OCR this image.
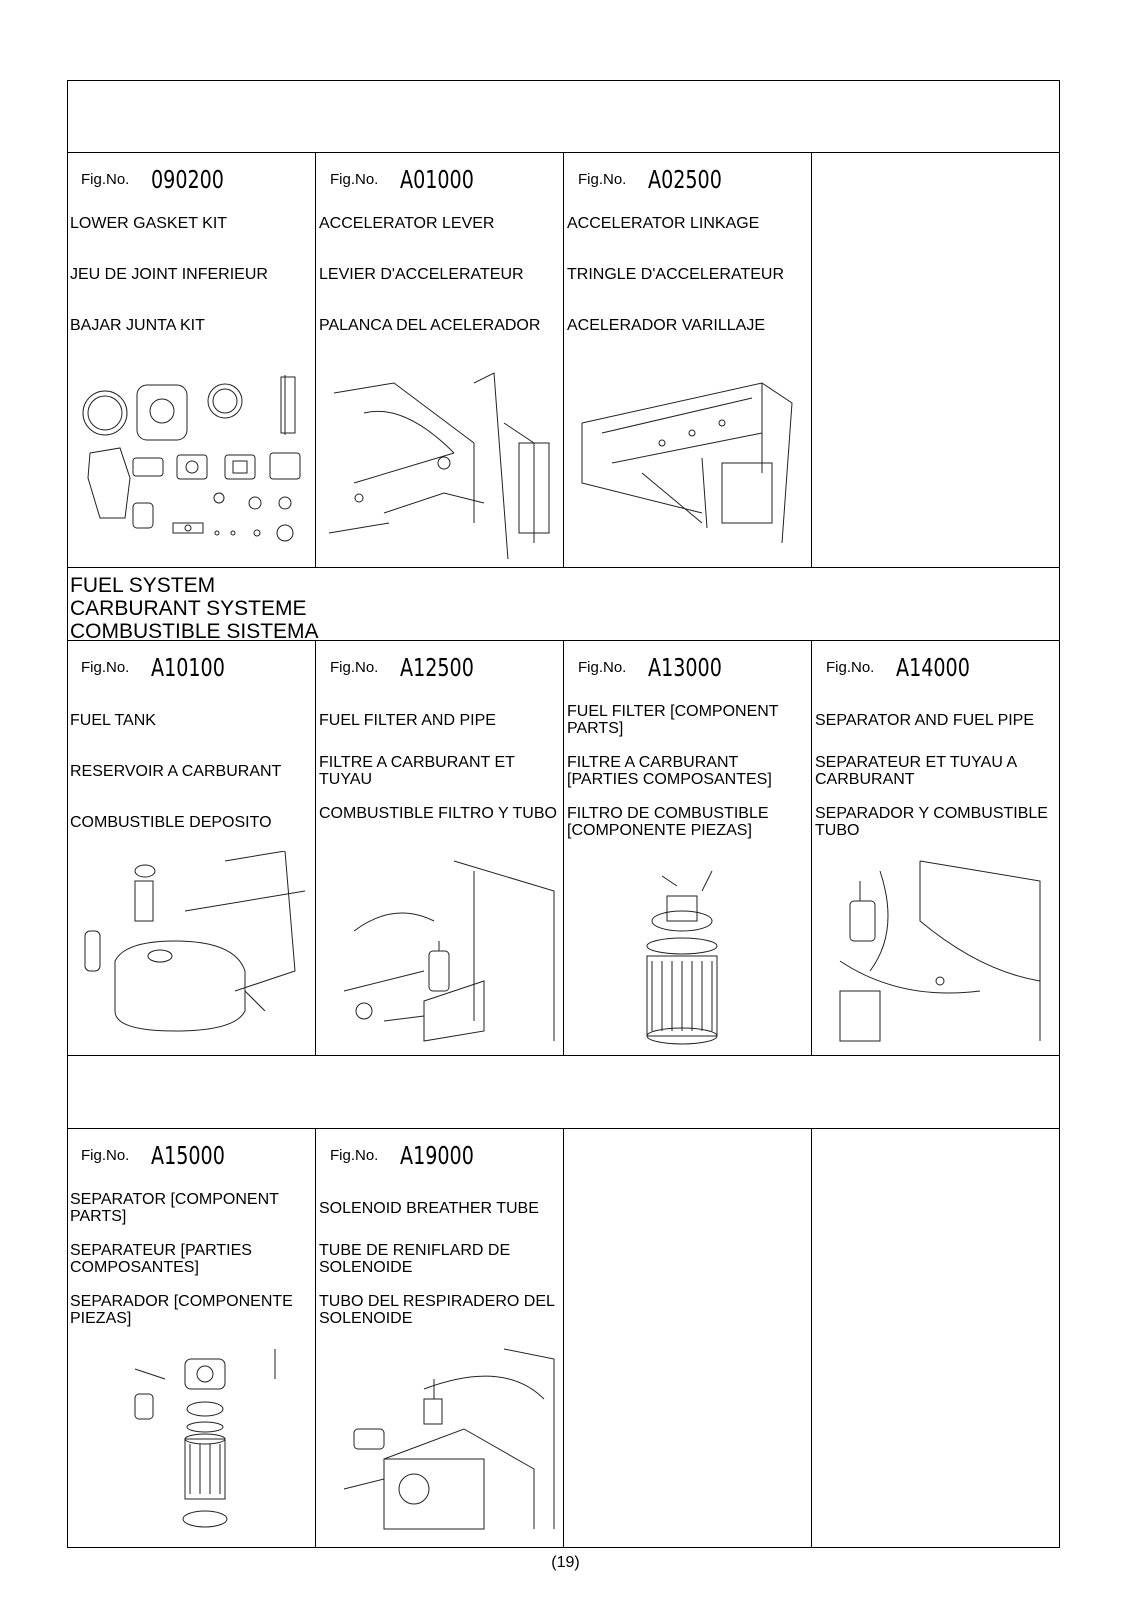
FUEL SYSTEM
CARBURANT SYSTEME
COMBUSTIBLE SISTEMA
Fig.No. 090200
LOWER GASKET KIT
JEU DE JOINT INFERIEUR
BAJAR JUNTA KIT
Fig.No. A01000
ACCELERATOR LEVER
LEVIER D'ACCELERATEUR
PALANCA DEL ACELERADOR
Fig.No. A02500
ACCELERATOR LINKAGE
TRINGLE D'ACCELERATEUR
ACELERADOR VARILLAJE
Fig.No. A10100
FUEL TANK
RESERVOIR A CARBURANT
COMBUSTIBLE DEPOSITO
Fig.No. A12500
FUEL FILTER AND PIPE
FILTRE A CARBURANT ET TUYAU
COMBUSTIBLE FILTRO Y TUBO
Fig.No. A13000
FUEL FILTER [COMPONENT PARTS]
FILTRE A CARBURANT [PARTIES COMPOSANTES]
FILTRO DE COMBUSTIBLE [COMPONENTE PIEZAS]
Fig.No. A14000
SEPARATOR AND FUEL PIPE
SEPARATEUR ET TUYAU A CARBURANT
SEPARADOR Y COMBUSTIBLE TUBO
Fig.No. A15000
SEPARATOR [COMPONENT PARTS]
SEPARATEUR [PARTIES COMPOSANTES]
SEPARADOR [COMPONENTE PIEZAS]
Fig.No. A19000
SOLENOID BREATHER TUBE
TUBE DE RENIFLARD DE SOLENOIDE
TUBO DEL RESPIRADERO DEL SOLENOIDE
(19)
